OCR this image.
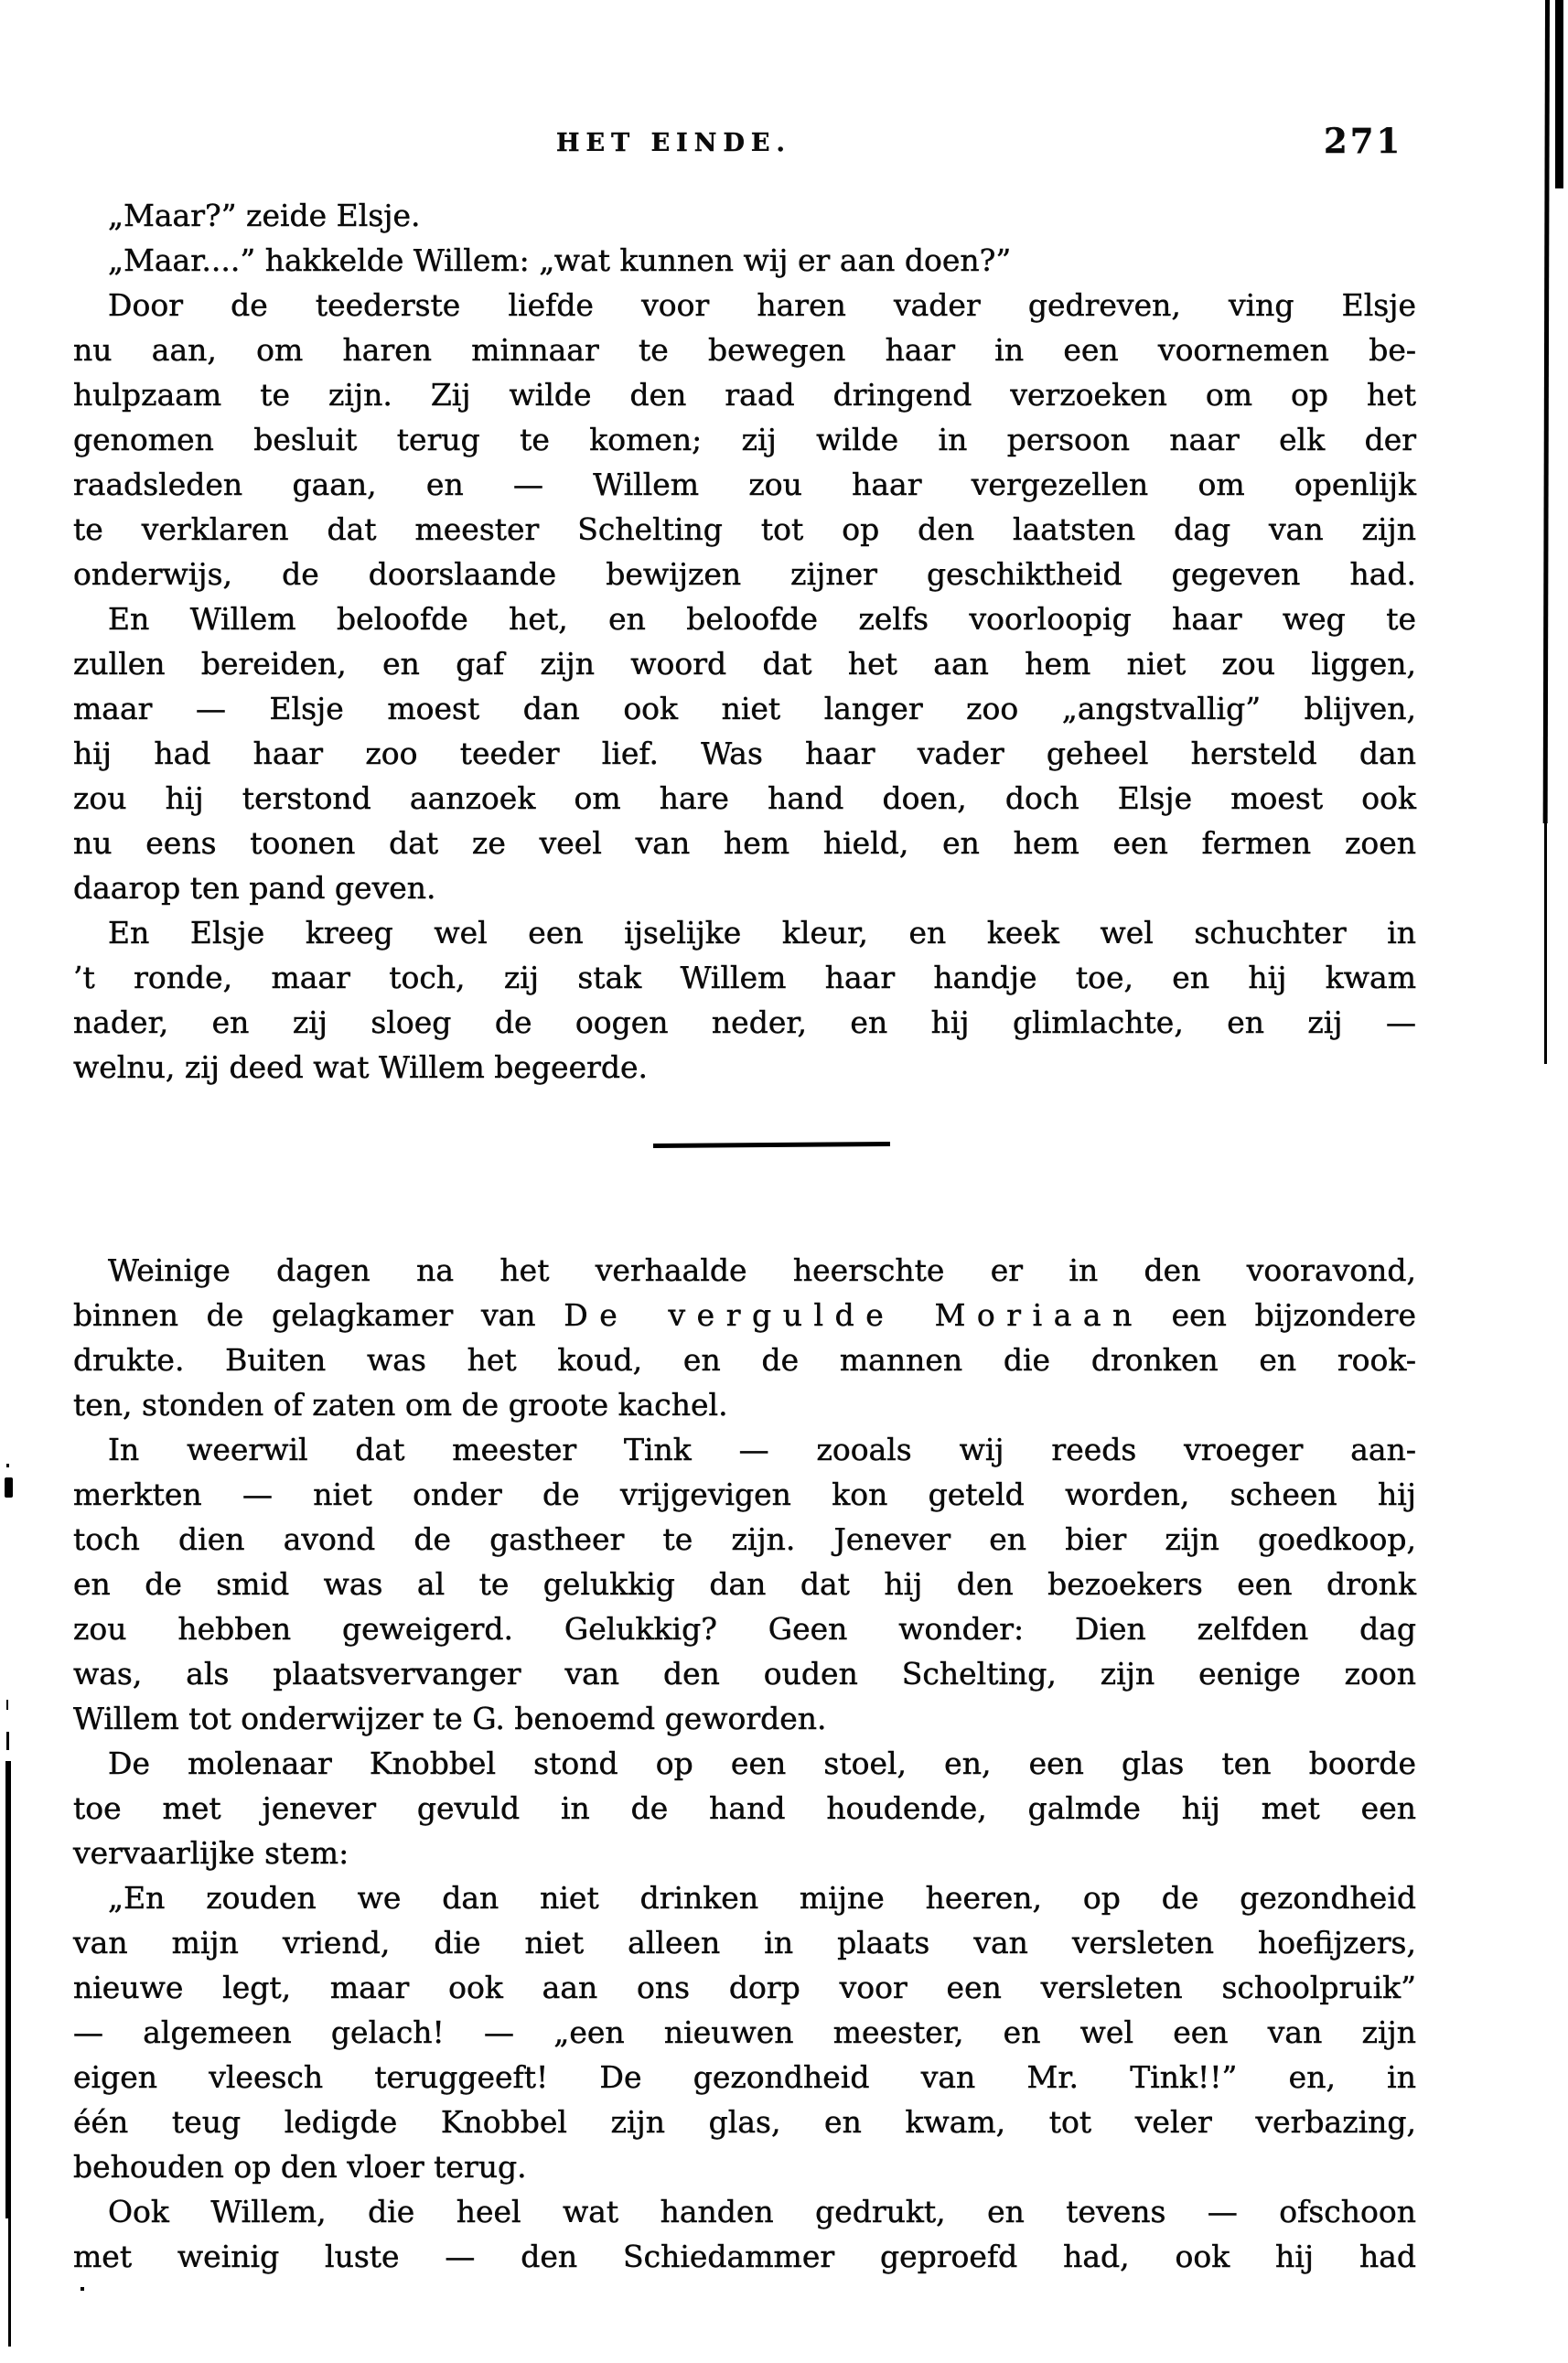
HET EINDE.	271
„Maar?” zeide Elsje.
„Maar....” hakkelde Willem: „wat kunnen wij er aan doen?”
Door de teederste liefde voor haren vader gedreven, ving Elsje
nu aan, om haren minnaar te bewegen haar in een voornemen be-
hulpzaam te zijn. Zij wilde den raad dringend verzoeken om op het
genomen besluit terug te komen; zij wilde in persoon naar elk der
raadsleden gaan, en — Willem zou haar vergezellen om openlijk
te verklaren dat meester Schelting tot op den laatsten dag van zijn
onderwijs, de doorslaande bewijzen zijner geschiktheid gegeven had.
En Willem beloofde het, en beloofde zelfs voorloopig haar weg te
zullen bereiden, en gaf zijn woord dat het aan hem niet zou liggen,
maar — Elsje moest dan ook niet langer zoo „angstvallig” blijven,
hij had haar zoo teeder lief. Was haar vader geheel hersteld dan
zou hij terstond aanzoek om hare hand doen, doch Elsje moest ook
nu eens toonen dat ze veel van hem hield, en hem een fermen zoen
daarop ten pand geven.
En Elsje kreeg wel een ijselijke kleur, en keek wel schuchter in
’t ronde, maar toch, zij stak Willem haar handje toe, en hij kwam
nader, en zij sloeg de oogen neder, en hij glimlachte, en zij —
welnu, zij deed wat Willem begeerde.
Weinige dagen na het verhaalde heerschte er in den vooravond,
binnen de gelagkamer van De vergulde Moriaan een bijzondere
drukte. Buiten was het koud, en de mannen die dronken en rook-
ten, stonden of zaten om de groote kachel.
In weerwil dat meester Tink — zooals wij reeds vroeger aan-
merkten — niet onder de vrijgevigen kon geteld worden, scheen hij
toch dien avond de gastheer te zijn. Jenever en bier zijn goedkoop,
en de smid was al te gelukkig dan dat hij den bezoekers een dronk
zou hebben geweigerd. Gelukkig? Geen wonder: Dien zelfden dag
was, als plaatsvervanger van den ouden Schelting, zijn eenige zoon
Willem tot onderwijzer te G. benoemd geworden.
De molenaar Knobbel stond op een stoel, en, een glas ten boorde
toe met jenever gevuld in de hand houdende, galmde hij met een
vervaarlijke stem:
„En zouden we dan niet drinken mijne heeren, op de gezondheid
van mijn vriend, die niet alleen in plaats van versleten hoefijzers,
nieuwe legt, maar ook aan ons dorp voor een versleten schoolpruik”
— algemeen gelach! — „een nieuwen meester, en wel een van zijn
eigen vleesch teruggeeft! De gezondheid van Mr. Tink!!” en, in
één teug ledigde Knobbel zijn glas, en kwam, tot veler verbazing,
behouden op den vloer terug.
Ook Willem, die heel wat handen gedrukt, en tevens — ofschoon
met weinig luste — den Schiedammer geproefd had, ook hij had
